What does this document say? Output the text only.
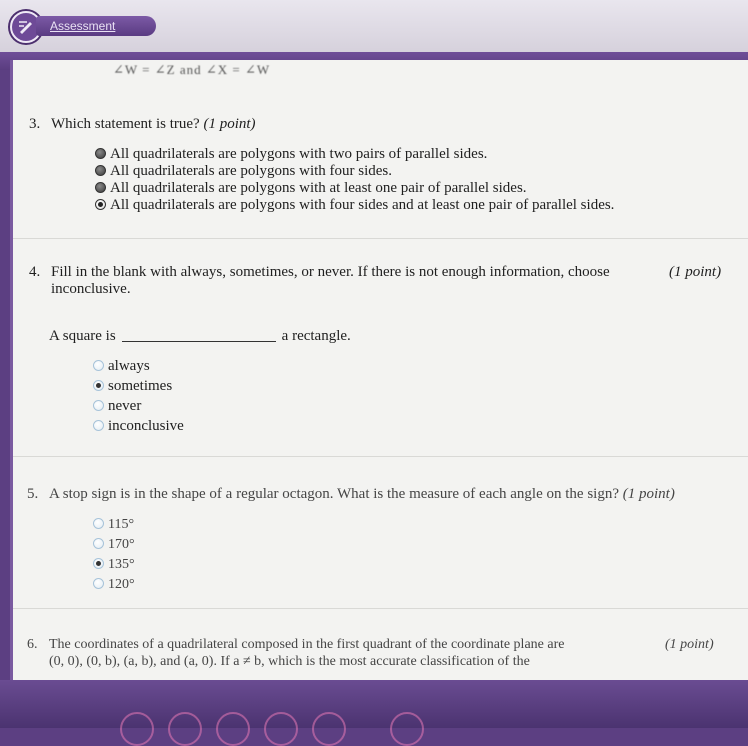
Assessment
∠W = ∠Z and ∠X = ∠W
3. Which statement is true? (1 point)
All quadrilaterals are polygons with two pairs of parallel sides.
All quadrilaterals are polygons with four sides.
All quadrilaterals are polygons with at least one pair of parallel sides.
All quadrilaterals are polygons with four sides and at least one pair of parallel sides.
4. Fill in the blank with always, sometimes, or never. If there is not enough information, choose	(1 point)
inconclusive.
A square is	a rectangle.
always
sometimes
never
inconclusive
5. A stop sign is in the shape of a regular octagon. What is the measure of each angle on the sign? (1 point)
115°
170°
135°
120°
6. The coordinates of a quadrilateral composed in the first quadrant of the coordinate plane are	(1 point)
(0, 0), (0, b), (a, b), and (a, 0). If a ≠ b, which is the most accurate classification of the
